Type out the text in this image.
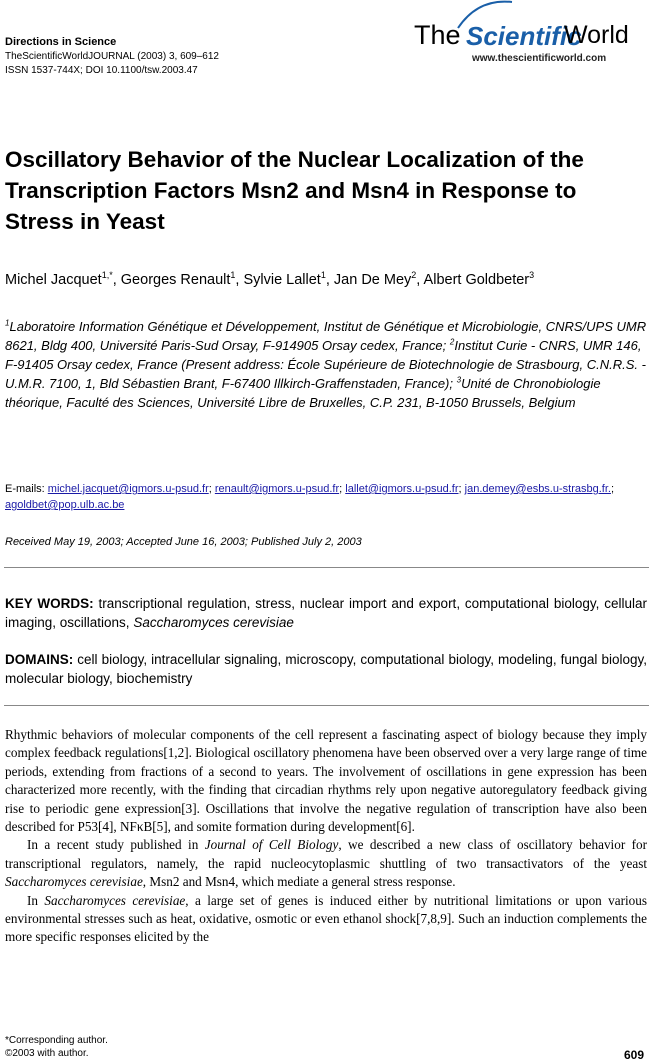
Directions in Science
TheScientificWorldJOURNAL (2003) 3, 609–612
ISSN 1537-744X; DOI 10.1100/tsw.2003.47
The Scientific
World
www.thescientificworld.com
Oscillatory Behavior of the Nuclear Localization of the Transcription Factors Msn2 and Msn4 in Response to Stress in Yeast
Michel Jacquet$^{1,*}$, Georges Renault$^1$, Sylvie Lallet$^1$, Jan De Mey$^2$, Albert Goldbeter$^3$
$^1$Laboratoire Information Génétique et Développement, Institut de Génétique et Microbiologie, CNRS/UPS UMR 8621, Bldg 400, Université Paris-Sud Orsay, F-914905 Orsay cedex, France; $^2$Institut Curie - CNRS, UMR 146, F-91405 Orsay cedex, France (Present address: École Supérieure de Biotechnologie de Strasbourg, C.N.R.S. - U.M.R. 7100, 1, Bld Sébastien Brant, F-67400 Illkirch-Graffenstaden, France); $^3$Unité de Chronobiologie théorique, Faculté des Sciences, Université Libre de Bruxelles, C.P. 231, B-1050 Brussels, Belgium
E-mails: michel.jacquet@igmors.u-psud.fr; renault@igmors.u-psud.fr; lallet@igmors.u-psud.fr; jan.demey@esbs.u-strasbg.fr.; agoldbet@pop.ulb.ac.be
Received May 19, 2003; Accepted June 16, 2003; Published July 2, 2003
KEY WORDS: transcriptional regulation, stress, nuclear import and export, computational biology, cellular imaging, oscillations, Saccharomyces cerevisiae
DOMAINS: cell biology, intracellular signaling, microscopy, computational biology, modeling, fungal biology, molecular biology, biochemistry

Rhythmic behaviors of molecular components of the cell represent a fascinating aspect of biology because they imply complex feedback regulations[1,2]. Biological oscillatory phenomena have been observed over a very large range of time periods, extending from fractions of a second to years. The involvement of oscillations in gene expression has been characterized more recently, with the finding that circadian rhythms rely upon negative autoregulatory feedback giving rise to periodic gene expression[3]. Oscillations that involve the negative regulation of transcription have also been described for P53[4], NFκB[5], and somite formation during development[6].

In a recent study published in Journal of Cell Biology, we described a new class of oscillatory behavior for transcriptional regulators, namely, the rapid nucleocytoplasmic shuttling of two transactivators of the yeast Saccharomyces cerevisiae, Msn2 and Msn4, which mediate a general stress response.

In Saccharomyces cerevisiae, a large set of genes is induced either by nutritional limitations or upon various environmental stresses such as heat, oxidative, osmotic or even ethanol shock[7,8,9]. Such an induction complements the more specific responses elicited by the

*Corresponding author.
©2003 with author.	609
